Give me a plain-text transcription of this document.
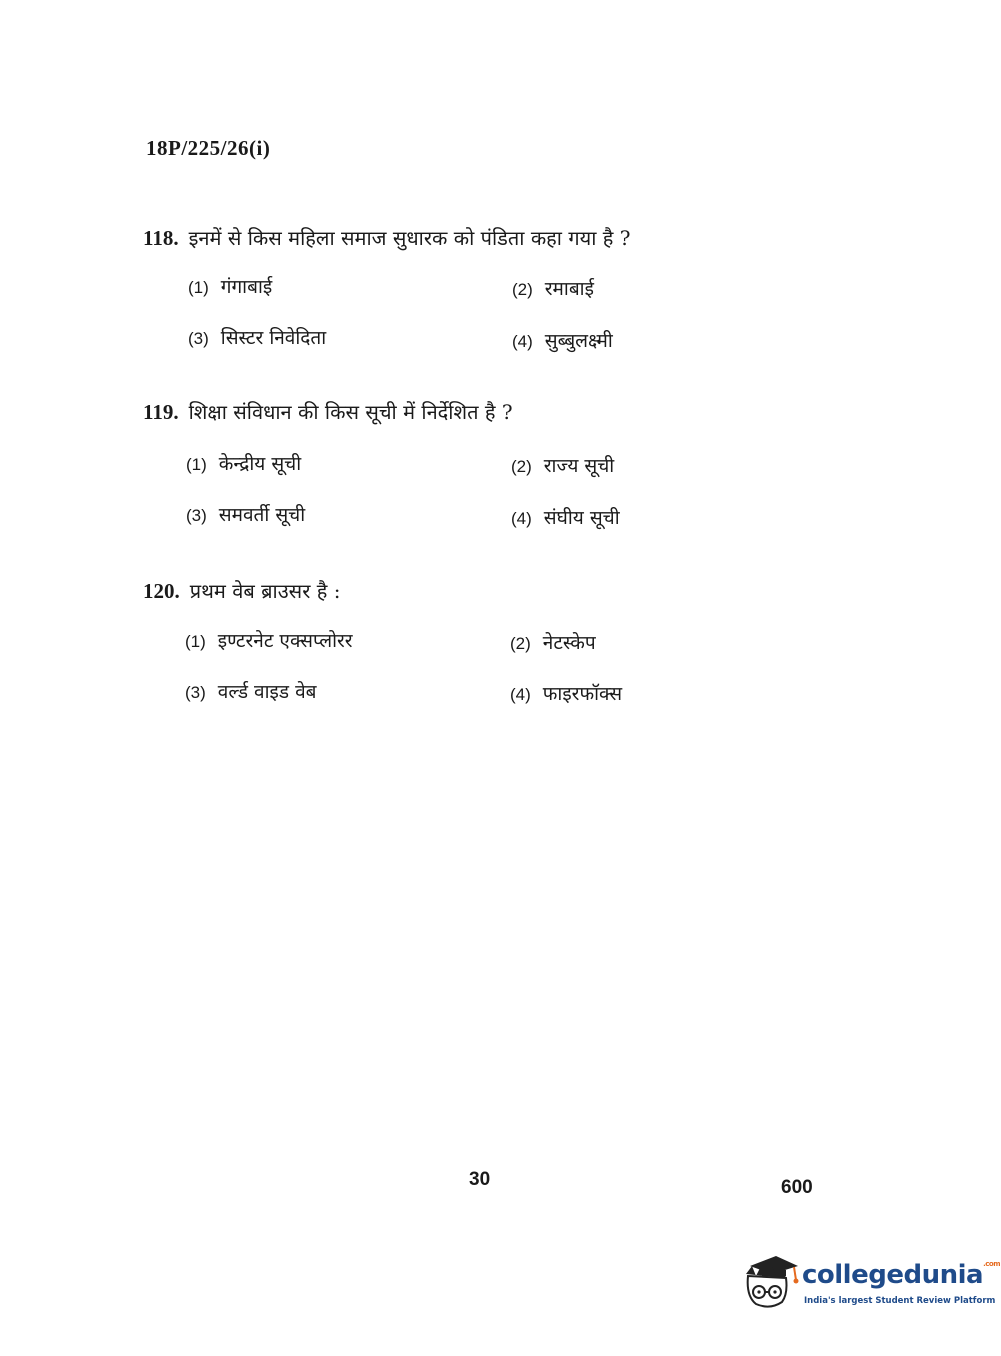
18P/225/26(i)
118. इनमें से किस महिला समाज सुधारक को पंडिता कहा गया है ?
(1) गंगाबाई	(2) रमाबाई
(3) सिस्टर निवेदिता	(4) सुब्बुलक्ष्मी
119. शिक्षा संविधान की किस सूची में निर्देशित है ?
(1) केन्द्रीय सूची	(2) राज्य सूची
(3) समवर्ती सूची	(4) संघीय सूची
120. प्रथम वेब ब्राउसर है :
(1) इण्टरनेट एक्सप्लोरर	(2) नेटस्केप
(3) वर्ल्ड वाइड वेब	(4) फाइरफॉक्स
30	600
collegedunia$^{.com}$
India's largest Student Review Platform
